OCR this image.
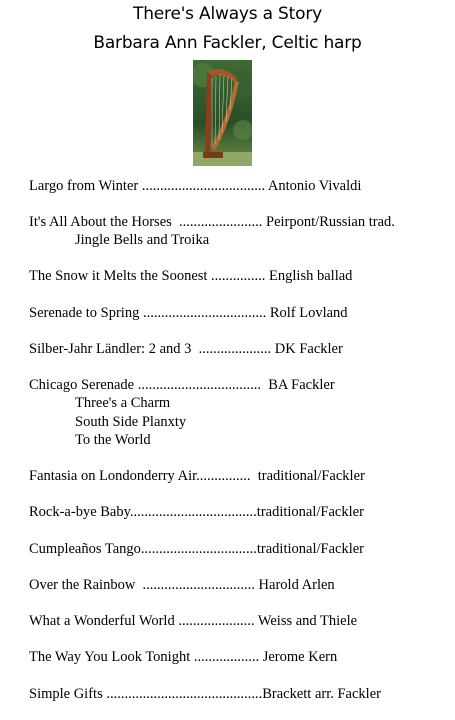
There's Always a Story
Barbara Ann Fackler, Celtic harp
Largo from Winter .................................. Antonio Vivaldi
It's All About the Horses  ....................... Peirpont/Russian trad.
Jingle Bells and Troika
The Snow it Melts the Soonest ............... English ballad
Serenade to Spring .................................. Rolf Lovland
Silber-Jahr Ländler: 2 and 3  .................... DK Fackler
Chicago Serenade ..................................  BA Fackler
Three's a Charm
South Side Planxty
To the World
Fantasia on Londonderry Air...............  traditional/Fackler
Rock-a-bye Baby...................................traditional/Fackler
Cumpleaños Tango................................traditional/Fackler
Over the Rainbow  ............................... Harold Arlen
What a Wonderful World ..................... Weiss and Thiele
The Way You Look Tonight .................. Jerome Kern
Simple Gifts ...........................................Brackett arr. Fackler
